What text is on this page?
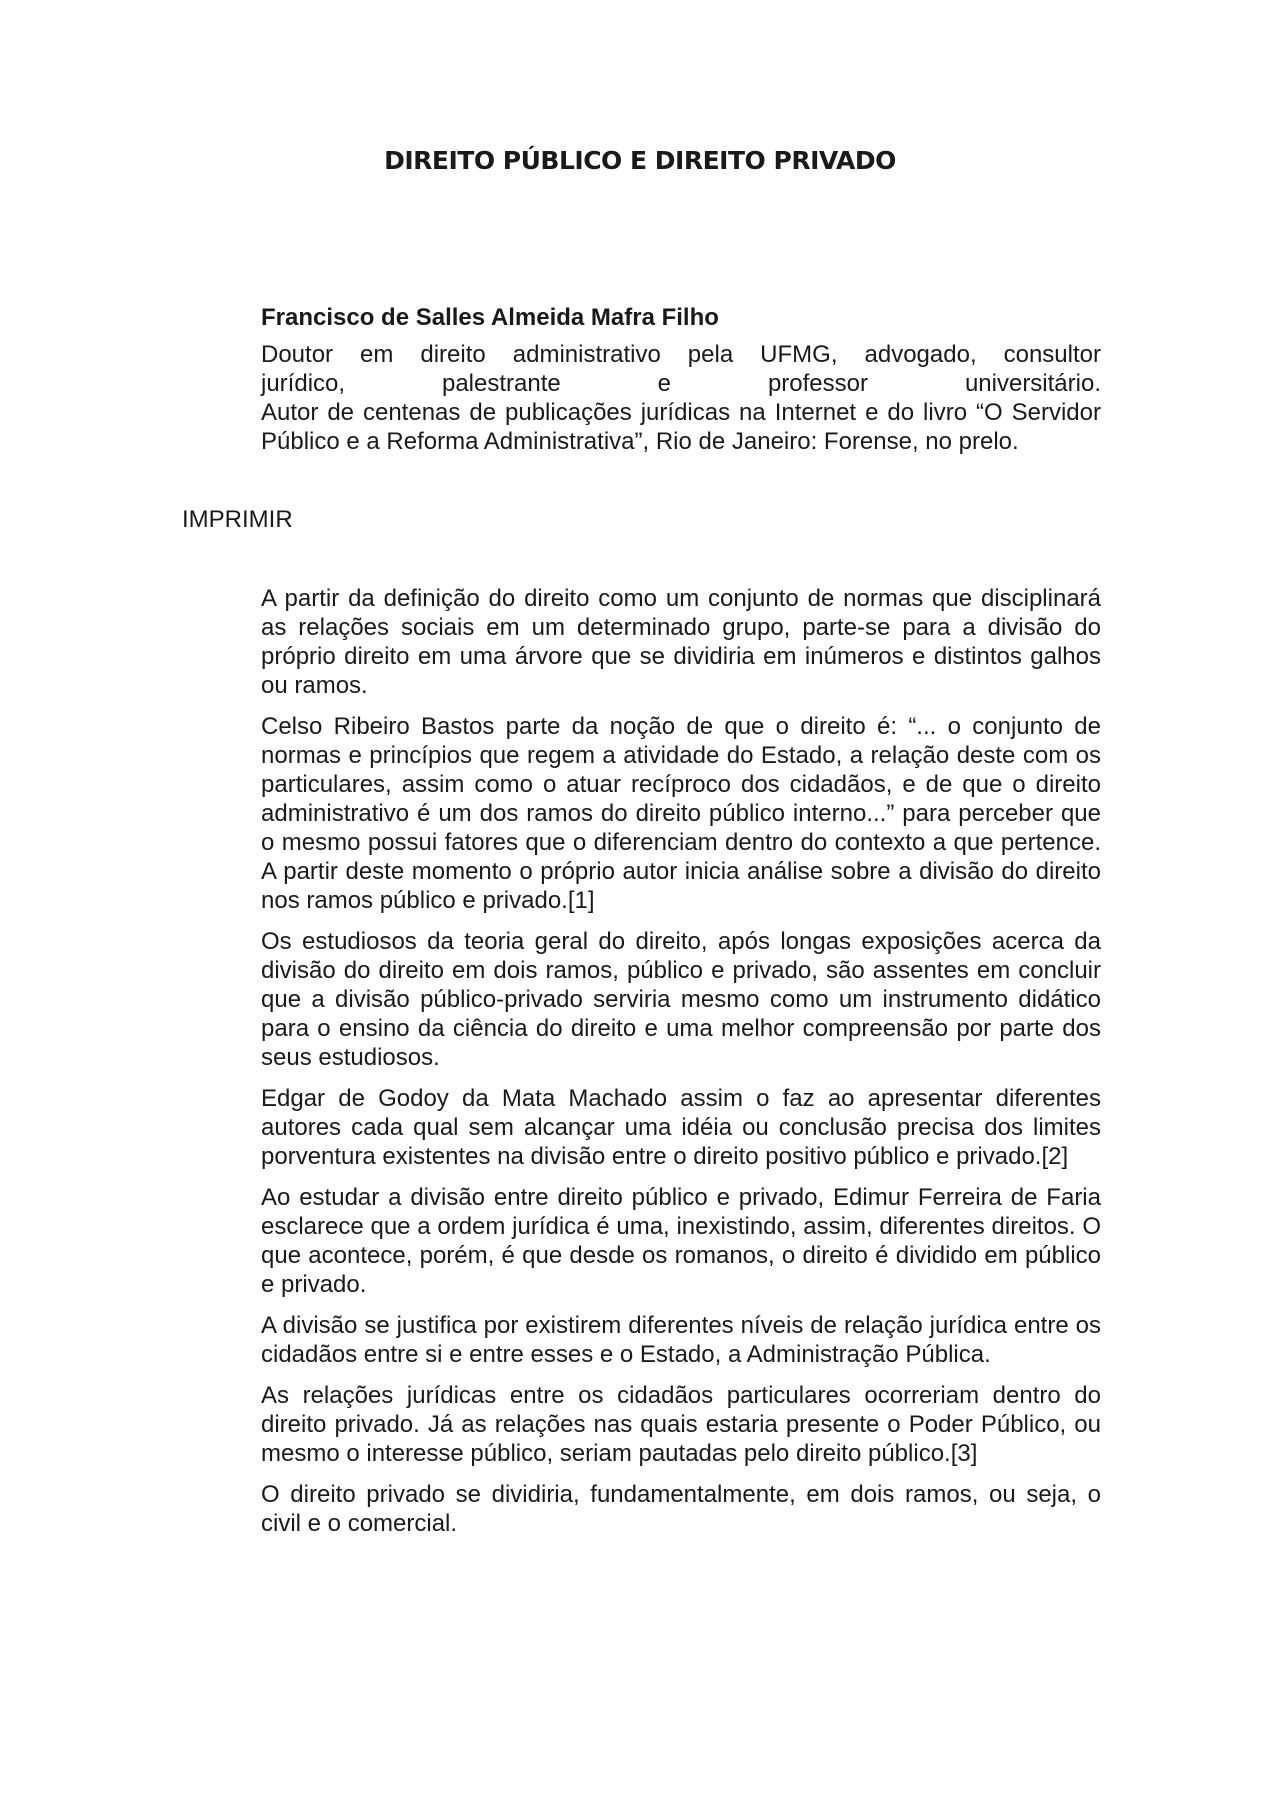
DIREITO PÚBLICO E DIREITO PRIVADO

Francisco de Salles Almeida Mafra Filho

Doutor em direito administrativo pela UFMG, advogado, consultor
jurídico, palestrante e professor universitário.
Autor de centenas de publicações jurídicas na Internet e do livro “O Servidor Público e a Reforma Administrativa”, Rio de Janeiro: Forense, no prelo.

IMPRIMIR

A partir da definição do direito como um conjunto de normas que disciplinará as relações sociais em um determinado grupo, parte-se para a divisão do próprio direito em uma árvore que se dividiria em inúmeros e distintos galhos ou ramos.

Celso Ribeiro Bastos parte da noção de que o direito é: “... o conjunto de normas e princípios que regem a atividade do Estado, a relação deste com os particulares, assim como o atuar recíproco dos cidadãos, e de que o direito administrativo é um dos ramos do direito público interno...” para perceber que o mesmo possui fatores que o diferenciam dentro do contexto a que pertence. A partir deste momento o próprio autor inicia análise sobre a divisão do direito nos ramos público e privado.[1]

Os estudiosos da teoria geral do direito, após longas exposições acerca da divisão do direito em dois ramos, público e privado, são assentes em concluir que a divisão público-privado serviria mesmo como um instrumento didático para o ensino da ciência do direito e uma melhor compreensão por parte dos seus estudiosos.

Edgar de Godoy da Mata Machado assim o faz ao apresentar diferentes autores cada qual sem alcançar uma idéia ou conclusão precisa dos limites porventura existentes na divisão entre o direito positivo público e privado.[2]

Ao estudar a divisão entre direito público e privado, Edimur Ferreira de Faria esclarece que a ordem jurídica é uma, inexistindo, assim, diferentes direitos. O que acontece, porém, é que desde os romanos, o direito é dividido em público e privado.

A divisão se justifica por existirem diferentes níveis de relação jurídica entre os cidadãos entre si e entre esses e o Estado, a Administração Pública.

As relações jurídicas entre os cidadãos particulares ocorreriam dentro do direito privado. Já as relações nas quais estaria presente o Poder Público, ou mesmo o interesse público, seriam pautadas pelo direito público.[3]

O direito privado se dividiria, fundamentalmente, em dois ramos, ou seja, o civil e o comercial.
